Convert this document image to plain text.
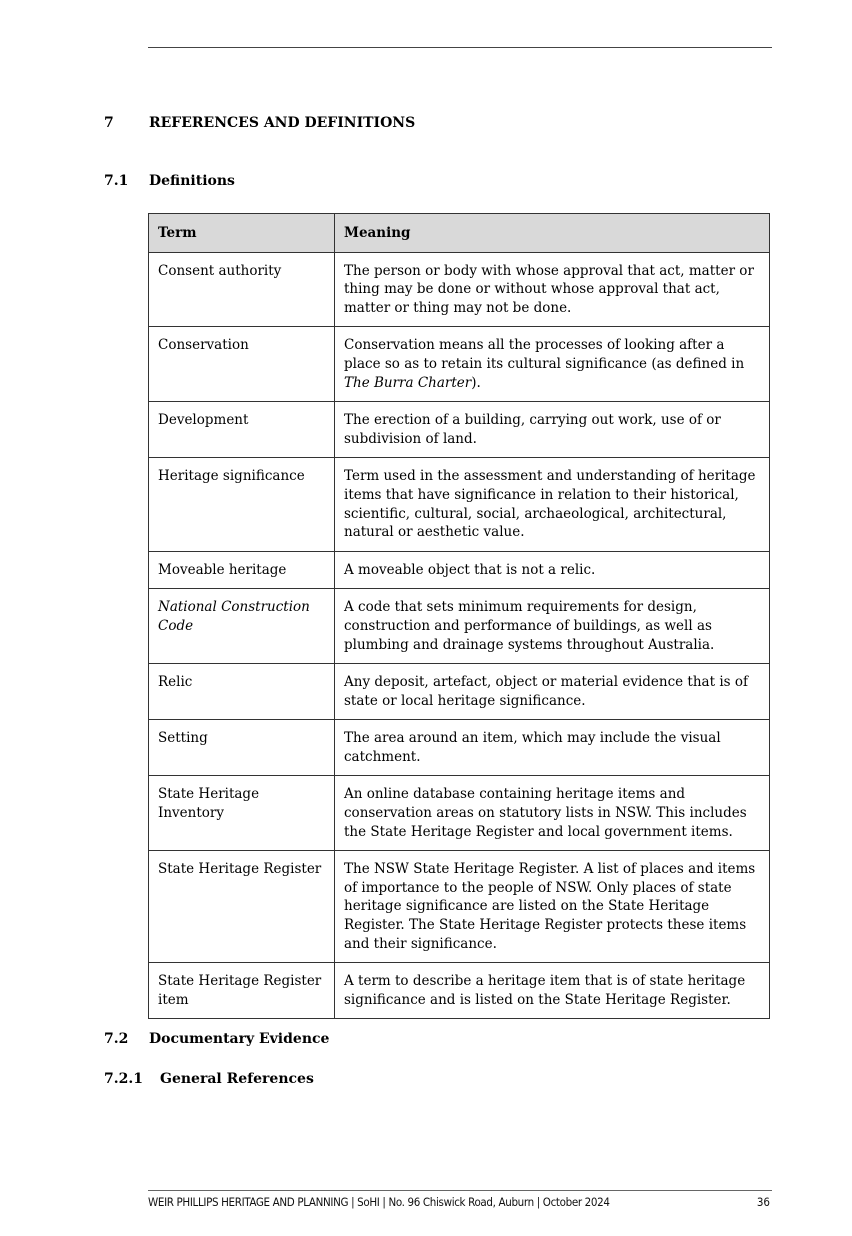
7	REFERENCES AND DEFINITIONS
7.1 Definitions
Term	Meaning
Consent authority	The person or body with whose approval that act, matter or thing may be done or without whose approval that act, matter or thing may not be done.
Conservation	Conservation means all the processes of looking after a place so as to retain its cultural significance (as defined in The Burra Charter).
Development	The erection of a building, carrying out work, use of or subdivision of land.
Heritage significance	Term used in the assessment and understanding of heritage items that have significance in relation to their historical, scientific, cultural, social, archaeological, architectural, natural or aesthetic value.
Moveable heritage	A moveable object that is not a relic.
National Construction Code	A code that sets minimum requirements for design, construction and performance of buildings, as well as plumbing and drainage systems throughout Australia.
Relic	Any deposit, artefact, object or material evidence that is of state or local heritage significance.
Setting	The area around an item, which may include the visual catchment.
State Heritage Inventory	An online database containing heritage items and conservation areas on statutory lists in NSW. This includes the State Heritage Register and local government items.
State Heritage Register	The NSW State Heritage Register. A list of places and items of importance to the people of NSW. Only places of state heritage significance are listed on the State Heritage Register. The State Heritage Register protects these items and their significance.
State Heritage Register item	A term to describe a heritage item that is of state heritage significance and is listed on the State Heritage Register.
7.2 Documentary Evidence
7.2.1 General References
WEIR PHILLIPS HERITAGE AND PLANNING | SoHI | No. 96 Chiswick Road, Auburn | October 2024	36
